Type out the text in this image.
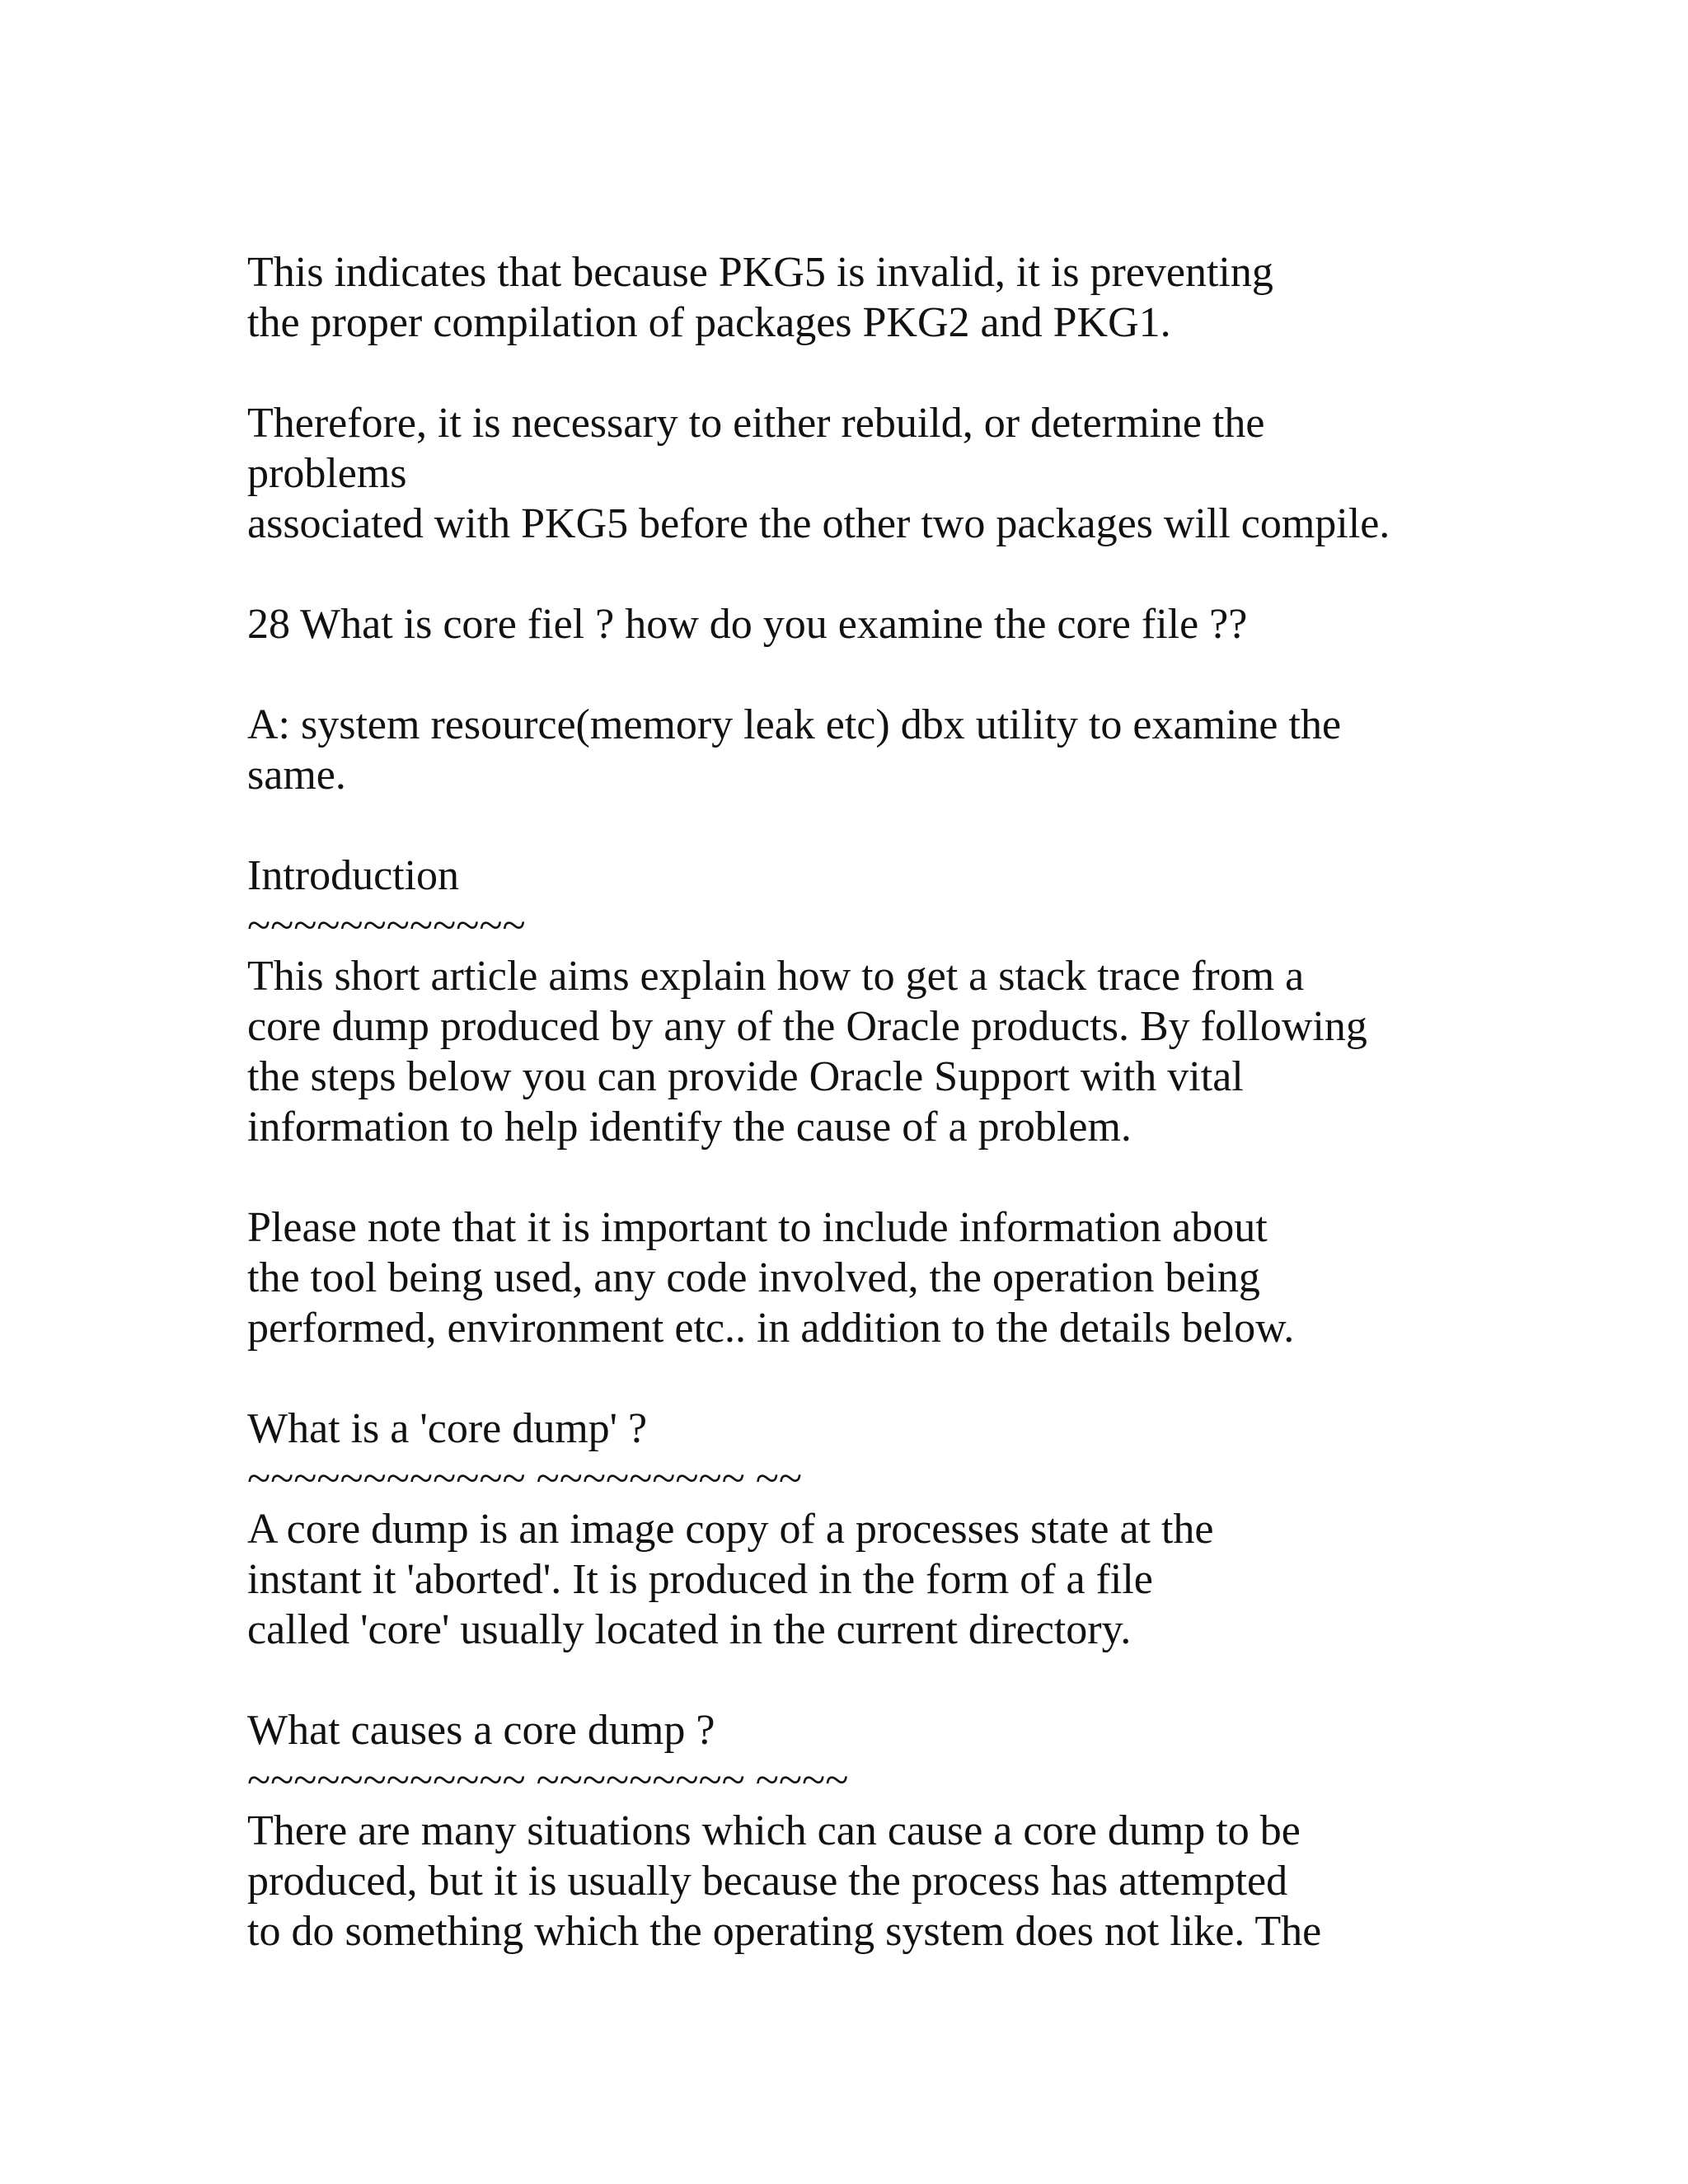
This indicates that because PKG5 is invalid, it is preventing
the proper compilation of packages PKG2 and PKG1.
Therefore, it is necessary to either rebuild, or determine the
problems
associated with PKG5 before the other two packages will compile.
28 What is core fiel ? how do you examine the core file ??
A: system resource(memory leak etc) dbx utility to examine the
same.
Introduction
~~~~~~~~~~~~
This short article aims explain how to get a stack trace from a
core dump produced by any of the Oracle products. By following
the steps below you can provide Oracle Support with vital
information to help identify the cause of a problem.
Please note that it is important to include information about
the tool being used, any code involved, the operation being
performed, environment etc.. in addition to the details below.
What is a 'core dump' ?
~~~~~~~~~~~~ ~~~~~~~~~ ~~
A core dump is an image copy of a processes state at the
instant it 'aborted'. It is produced in the form of a file
called 'core' usually located in the current directory.
What causes a core dump ?
~~~~~~~~~~~~ ~~~~~~~~~ ~~~~
There are many situations which can cause a core dump to be
produced, but it is usually because the process has attempted
to do something which the operating system does not like. The
